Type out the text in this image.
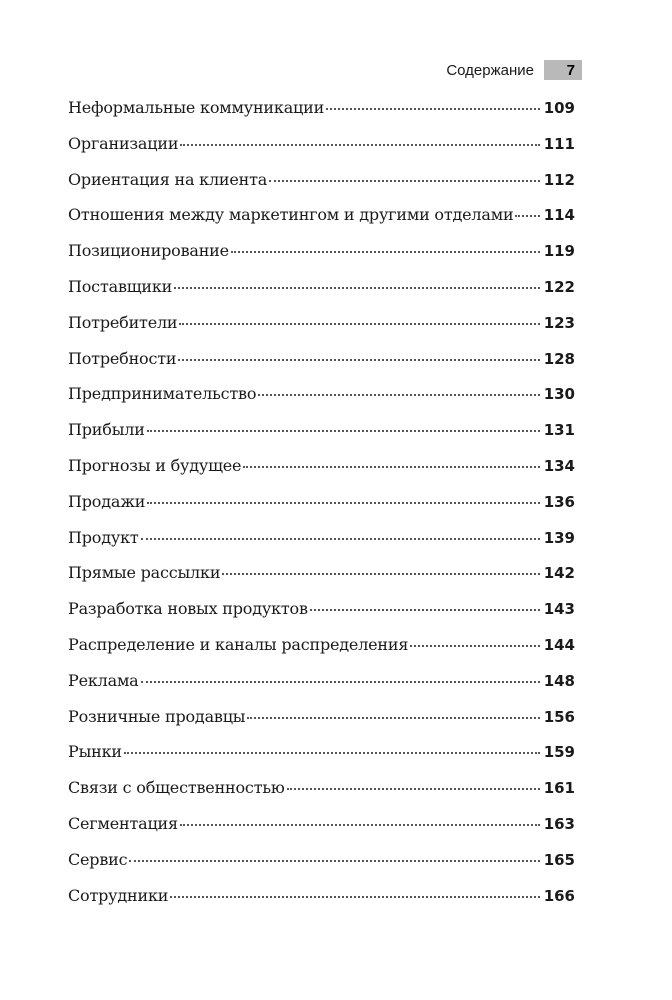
Содержание	7
Неформальные коммуникации	109
Организации	111
Ориентация на клиента	112
Отношения между маркетингом и другими отделами 114
Позиционирование	119
Поставщики	122
Потребители	123
Потребности	128
Предпринимательство	130
Прибыли	131
Прогнозы и будущее	134
Продажи	136
Продукт	139
Прямые рассылки	142
Разработка новых продуктов	143
Распределение и каналы распределения	144
Реклама	148
Розничные продавцы	156
Рынки	159
Связи с общественностью	161
Сегментация	163
Сервис	165
Сотрудники	166
